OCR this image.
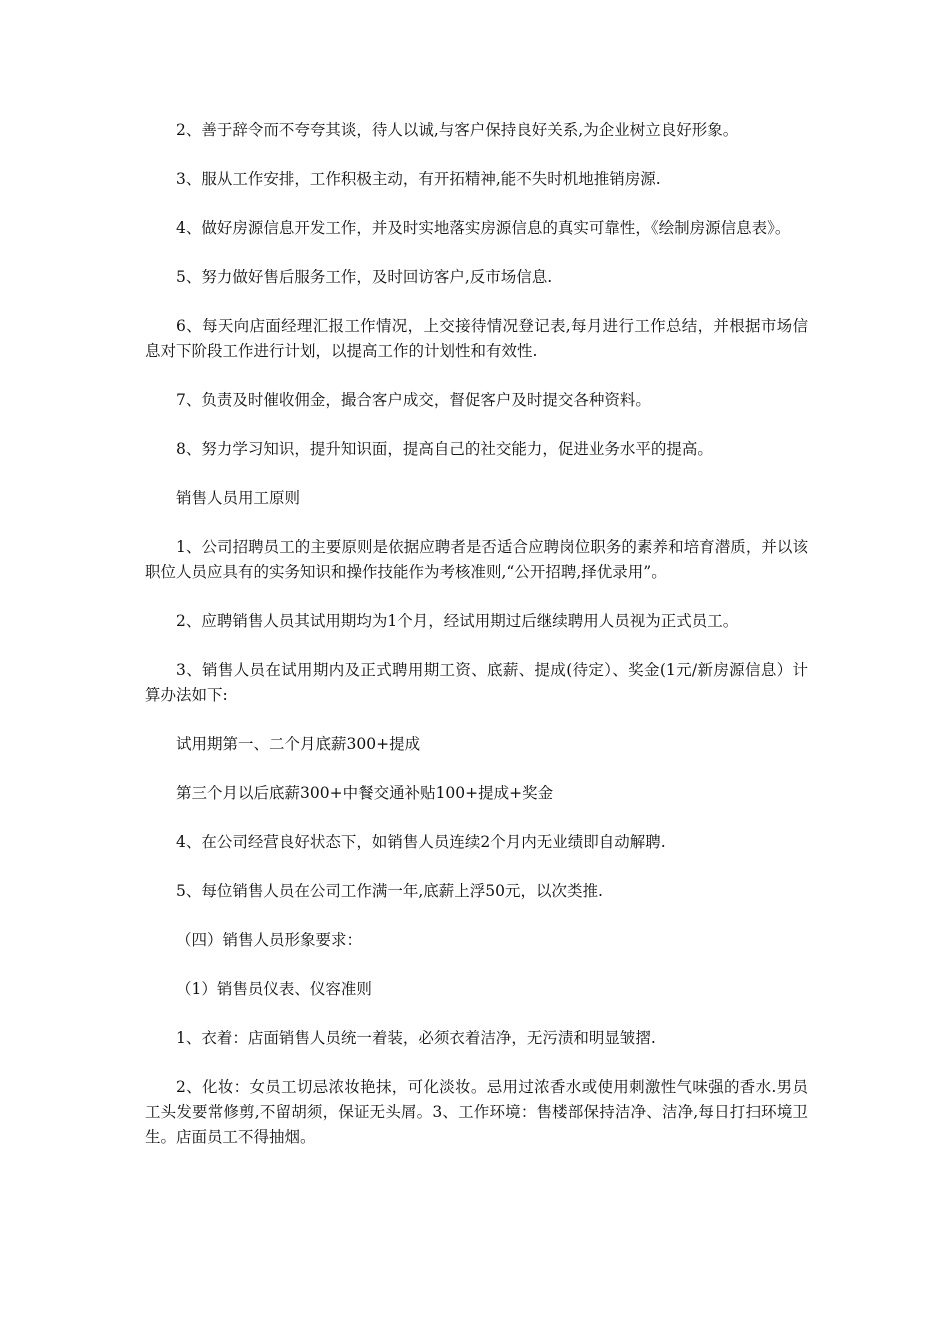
2、善于辞令而不夸夸其谈，待人以诚,与客户保持良好关系,为企业树立良好形象。

3、服从工作安排，工作积极主动，有开拓精神,能不失时机地推销房源.

4、做好房源信息开发工作，并及时实地落实房源信息的真实可靠性，《绘制房源信息表》。

5、努力做好售后服务工作，及时回访客户,反市场信息.

6、每天向店面经理汇报工作情况，上交接待情况登记表,每月进行工作总结，并根据市场信息对下阶段工作进行计划，以提高工作的计划性和有效性.

7、负责及时催收佣金，撮合客户成交，督促客户及时提交各种资料。

8、努力学习知识，提升知识面，提高自己的社交能力，促进业务水平的提高。

销售人员用工原则

1、公司招聘员工的主要原则是依据应聘者是否适合应聘岗位职务的素养和培育潜质，并以该职位人员应具有的实务知识和操作技能作为考核准则,“公开招聘,择优录用”。

2、应聘销售人员其试用期均为1个月，经试用期过后继续聘用人员视为正式员工。

3、销售人员在试用期内及正式聘用期工资、底薪、提成(待定）、奖金(1元/新房源信息）计算办法如下:

试用期第一、二个月底薪300+提成

第三个月以后底薪300+中餐交通补贴100+提成+奖金

4、在公司经营良好状态下，如销售人员连续2个月内无业绩即自动解聘.

5、每位销售人员在公司工作满一年,底薪上浮50元，以次类推.

（四）销售人员形象要求：

（1）销售员仪表、仪容准则

1、衣着：店面销售人员统一着装，必须衣着洁净，无污渍和明显皱摺.

2、化妆：女员工切忌浓妆艳抹，可化淡妆。忌用过浓香水或使用刺激性气味强的香水.男员工头发要常修剪,不留胡须，保证无头屑。3、工作环境：售楼部保持洁净、洁净,每日打扫环境卫生。店面员工不得抽烟。
